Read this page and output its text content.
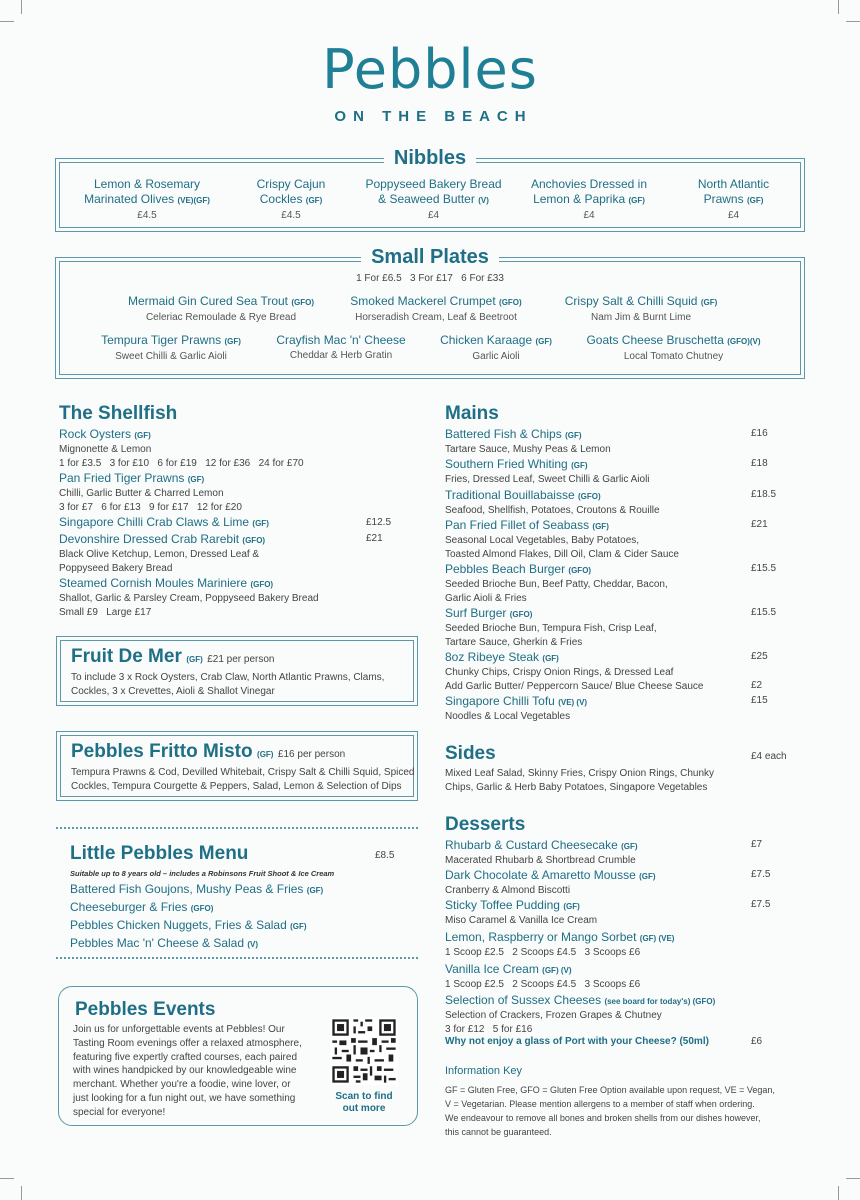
Pebbles
ON THE BEACH
Nibbles
Lemon & Rosemary
Marinated Olives (VE)(GF)
£4.5
Crispy Cajun
Cockles (GF)
£4.5
Poppyseed Bakery Bread
& Seaweed Butter (V)
£4
Anchovies Dressed in
Lemon & Paprika (GF)
£4
North Atlantic
Prawns (GF)
£4
Small Plates
1 For £6.5   3 For £17   6 For £33
Mermaid Gin Cured Sea Trout (GFO)
Celeriac Remoulade & Rye Bread
Smoked Mackerel Crumpet (GFO)
Horseradish Cream, Leaf & Beetroot
Crispy Salt & Chilli Squid (GF)
Nam Jim & Burnt Lime
Tempura Tiger Prawns (GF)
Sweet Chilli & Garlic Aioli
Crayfish Mac 'n' Cheese
Cheddar & Herb Gratin
Chicken Karaage (GF)
Garlic Aioli
Goats Cheese Bruschetta (GFO)(V)
Local Tomato Chutney
The Shellfish
Rock Oysters (GF)
Mignonette & Lemon
1 for £3.5   3 for £10   6 for £19   12 for £36   24 for £70
Pan Fried Tiger Prawns (GF)
Chilli, Garlic Butter & Charred Lemon
3 for £7   6 for £13   9 for £17   12 for £20
Singapore Chilli Crab Claws & Lime (GF)	£12.5
Devonshire Dressed Crab Rarebit (GFO)
Black Olive Ketchup, Lemon, Dressed Leaf &
Poppyseed Bakery Bread
£21
Steamed Cornish Moules Mariniere (GFO)
Shallot, Garlic & Parsley Cream, Poppyseed Bakery Bread
Small £9   Large £17
Fruit De Mer (GF) £21 per person
To include 3 x Rock Oysters, Crab Claw, North Atlantic Prawns, Clams,
Cockles, 3 x Crevettes, Aioli & Shallot Vinegar
Pebbles Fritto Misto (GF) £16 per person
Tempura Prawns & Cod, Devilled Whitebait, Crispy Salt & Chilli Squid, Spiced
Cockles, Tempura Courgette & Peppers, Salad, Lemon & Selection of Dips
Little Pebbles Menu	£8.5
Suitable up to 8 years old – includes a Robinsons Fruit Shoot & Ice Cream
Battered Fish Goujons, Mushy Peas & Fries (GF)
Cheeseburger & Fries (GFO)
Pebbles Chicken Nuggets, Fries & Salad (GF)
Pebbles Mac 'n' Cheese & Salad (V)
Pebbles Events
Join us for unforgettable events at Pebbles! Our
Tasting Room evenings offer a relaxed atmosphere,
featuring five expertly crafted courses, each paired
with wines handpicked by our knowledgeable wine
merchant. Whether you're a foodie, wine lover, or
just looking for a fun night out, we have something
special for everyone!
Scan to find
out more
Mains
Battered Fish & Chips (GF)
Tartare Sauce, Mushy Peas & Lemon
£16
Southern Fried Whiting (GF)
Fries, Dressed Leaf, Sweet Chilli & Garlic Aioli
£18
Traditional Bouillabaisse (GFO)
Seafood, Shellfish, Potatoes, Croutons & Rouille
£18.5
Pan Fried Fillet of Seabass (GF)
Seasonal Local Vegetables, Baby Potatoes,
Toasted Almond Flakes, Dill Oil, Clam & Cider Sauce
£21
Pebbles Beach Burger (GFO)
Seeded Brioche Bun, Beef Patty, Cheddar, Bacon,
Garlic Aioli & Fries
£15.5
Surf Burger (GFO)
Seeded Brioche Bun, Tempura Fish, Crisp Leaf,
Tartare Sauce, Gherkin & Fries
£15.5
8oz Ribeye Steak (GF)
Chunky Chips, Crispy Onion Rings, & Dressed Leaf
Add Garlic Butter/ Peppercorn Sauce/ Blue Cheese Sauce
£25
£2
Singapore Chilli Tofu (VE) (V)
Noodles & Local Vegetables
£15
Sides	£4 each
Mixed Leaf Salad, Skinny Fries, Crispy Onion Rings, Chunky
Chips, Garlic & Herb Baby Potatoes, Singapore Vegetables
Desserts
Rhubarb & Custard Cheesecake (GF)
Macerated Rhubarb & Shortbread Crumble
£7
Dark Chocolate & Amaretto Mousse (GF)
Cranberry & Almond Biscotti
£7.5
Sticky Toffee Pudding (GF)
Miso Caramel & Vanilla Ice Cream
£7.5
Lemon, Raspberry or Mango Sorbet (GF) (VE)
1 Scoop £2.5   2 Scoops £4.5   3 Scoops £6
Vanilla Ice Cream (GF) (V)
1 Scoop £2.5   2 Scoops £4.5   3 Scoops £6
Selection of Sussex Cheeses (see board for today's) (GFO)
Selection of Crackers, Frozen Grapes & Chutney
3 for £12   5 for £16
Why not enjoy a glass of Port with your Cheese? (50ml)	£6
Information Key
GF = Gluten Free, GFO = Gluten Free Option available upon request, VE = Vegan,
V = Vegetarian. Please mention allergens to a member of staff when ordering.
We endeavour to remove all bones and broken shells from our dishes however,
this cannot be guaranteed.
